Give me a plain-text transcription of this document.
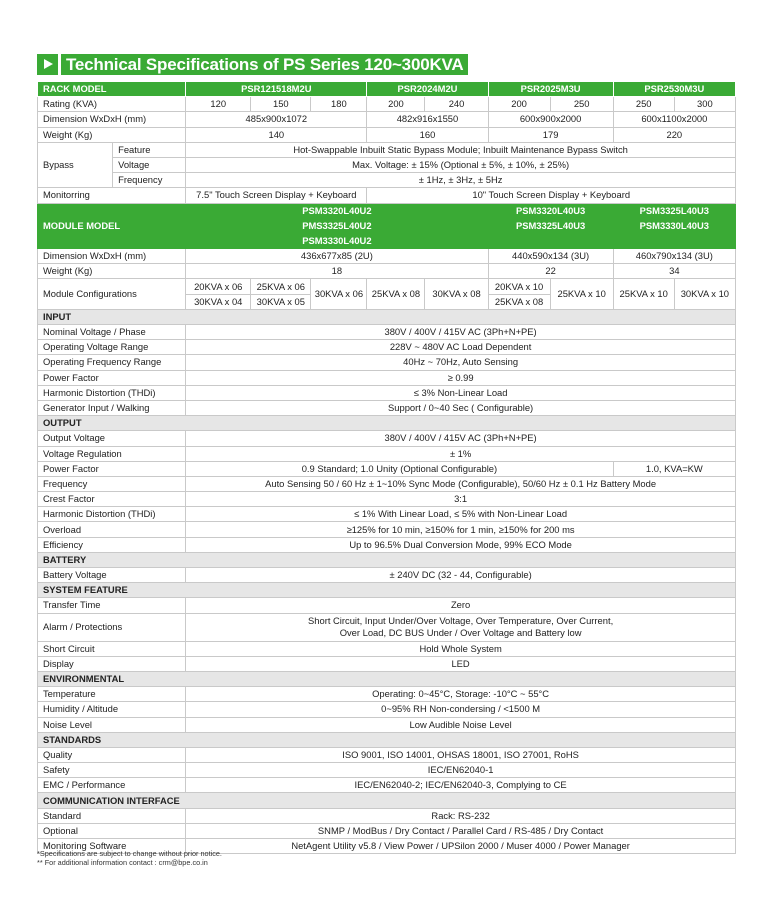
Technical Specifications of PS Series 120~300KVA
RACK MODEL		PSR121518M2U			PSR2024M2U		PSR2025M3U		PSR2530M3U	
Rating (KVA)		120	150	180	200	240	200	250	250	300
Dimension WxDxH (mm)		485x900x1072			482x916x1550		600x900x2000		600x1100x2000	
Weight (Kg)		140			160		179		220	
Bypass	Feature	Hot-Swappable Inbuilt Static Bypass Module; Inbuilt Maintenance Bypass Switch								
	Voltage	Max. Voltage: ± 15% (Optional ± 5%, ± 10%, ± 25%)								
	Frequency	± 1Hz, ± 3Hz, ± 5Hz								
Monitorring		7.5" Touch Screen Display + Keyboard			10" Touch Screen Display + Keyboard					
MODULE MODEL		PSM3320L40U2					PSM3320L40U3		PSM3325L40U3	
		PMS3325L40U2					PSM3325L40U3		PSM3330L40U3	
		PSM3330L40U2								
Dimension WxDxH (mm)		436x677x85 (2U)					440x590x134 (3U)		460x790x134 (3U)	
Weight (Kg)		18					22		34	
Module Configurations		20KVA x 06	25KVA x 06	30KVA x 06	25KVA x 08	30KVA x 08	20KVA x 10	25KVA x 10	25KVA x 10	30KVA x 10
		30KVA x 04	30KVA x 05				25KVA x 08			
INPUT										
Nominal Voltage / Phase		380V / 400V / 415V AC (3Ph+N+PE)								
Operating Voltage Range		228V ~ 480V AC Load Dependent								
Operating Frequency Range		40Hz ~ 70Hz, Auto Sensing								
Power Factor		≥ 0.99								
Harmonic Distortion (THDi)		≤ 3% Non-Linear Load								
Generator Input / Walking		Support / 0~40 Sec ( Configurable)								
OUTPUT										
Output Voltage		380V / 400V / 415V AC (3Ph+N+PE)								
Voltage Regulation		± 1%								
Power Factor		0.9 Standard; 1.0 Unity (Optional Configurable)							1.0, KVA=KW	
Frequency		Auto Sensing 50 / 60 Hz ± 1~10% Sync Mode (Configurable), 50/60 Hz ± 0.1 Hz Battery Mode								
Crest Factor		3:1								
Harmonic Distortion (THDi)		≤ 1% With Linear Load, ≤ 5% with Non-Linear Load								
Overload		≥125% for 10 min, ≥150% for 1 min, ≥150% for 200 ms								
Efficiency		Up to 96.5% Dual Conversion Mode, 99% ECO Mode								
BATTERY										
Battery Voltage		± 240V DC (32 - 44, Configurable)								
SYSTEM FEATURE										
Transfer Time		Zero								
Alarm / Protections		Short Circuit, Input Under/Over Voltage, Over Temperature, Over Current,
Over Load, DC BUS Under / Over Voltage and Battery low								

Short Circuit		Hold Whole System								
Display		LED								
ENVIRONMENTAL										
Temperature		Operating: 0~45°C, Storage: -10°C ~ 55°C								
Humidity / Altitude		0~95% RH Non-condersing / <1500 M								
Noise Level		Low Audible Noise Level								
STANDARDS										
Quality		ISO 9001, ISO 14001, OHSAS 18001, ISO 27001, RoHS								
Safety		IEC/EN62040-1								
EMC / Performance		IEC/EN62040-2; IEC/EN62040-3, Complying to CE								
COMMUNICATION INTERFACE										
Standard		Rack: RS-232								
Optional		SNMP / ModBus / Dry Contact / Parallel Card / RS-485 / Dry Contact								
Monitoring Software		NetAgent Utility v5.8 / View Power / UPSilon 2000 / Muser 4000 / Power Manager								
*Specifications are subject to change without prior notice.
** For additional information contact : crm@bpe.co.in
